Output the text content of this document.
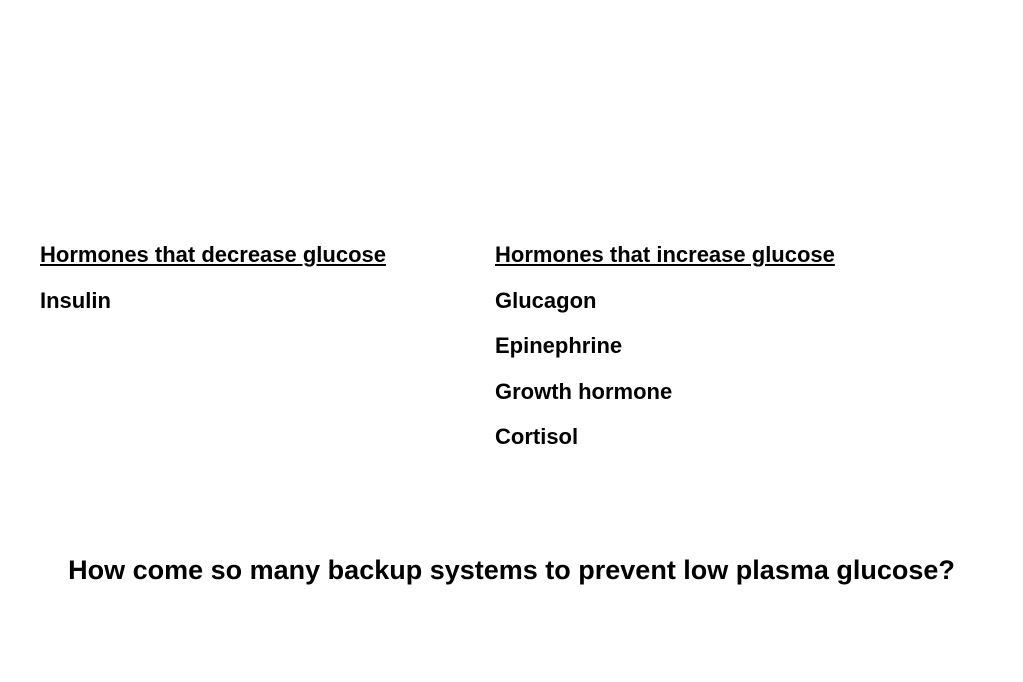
Hormones that decrease glucose
Insulin
Hormones that increase glucose
Glucagon
Epinephrine
Growth hormone
Cortisol

How come so many backup systems to prevent low plasma glucose?
